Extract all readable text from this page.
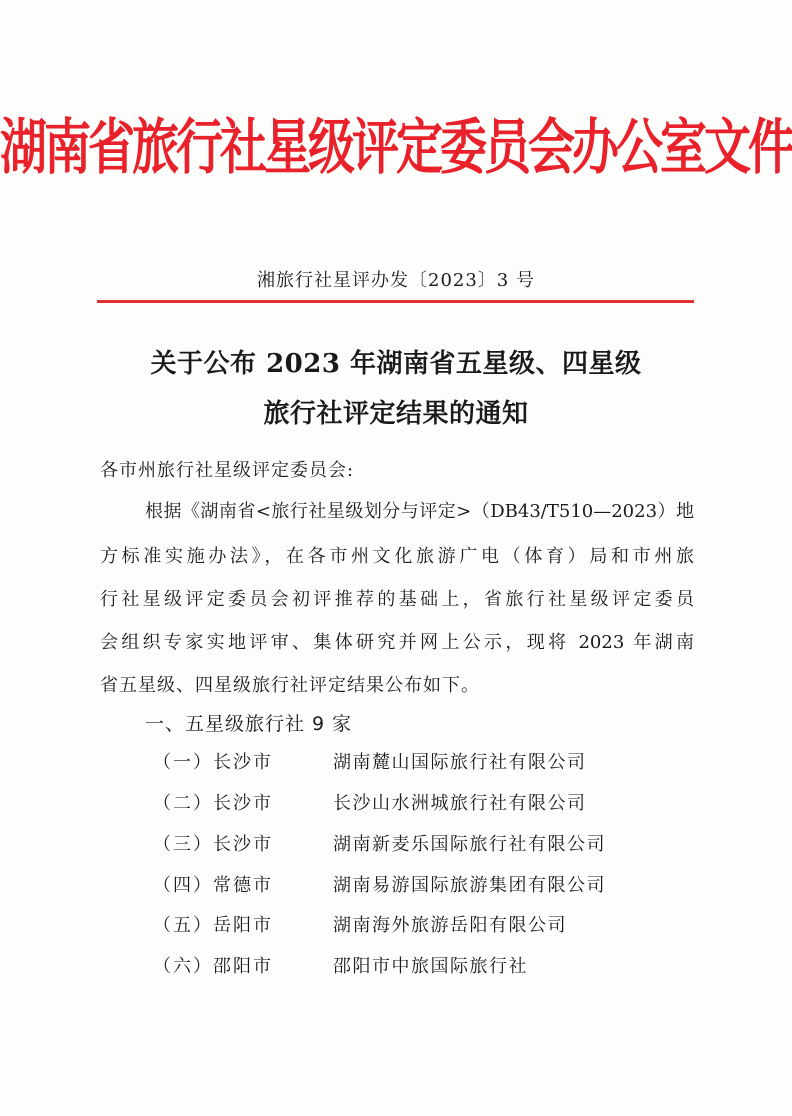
湖南省旅行社星级评定委员会办公室文件
湘旅行社星评办发〔2023〕3 号
关于公布 2023 年湖南省五星级、四星级
旅行社评定结果的通知
各市州旅行社星级评定委员会:
根据《湖南省<旅行社星级划分与评定>（DB43/T510—2023）地
方标准实施办法》，在各市州文化旅游广电（体育）局和市州旅
行社星级评定委员会初评推荐的基础上，省旅行社星级评定委员
会组织专家实地评审、集体研究并网上公示，现将 2023 年湖南
省五星级、四星级旅行社评定结果公布如下。
一、五星级旅行社 9 家
（一） 长沙市	湖南麓山国际旅行社有限公司
（二） 长沙市	长沙山水洲城旅行社有限公司
（三） 长沙市	湖南新麦乐国际旅行社有限公司
（四） 常德市	湖南易游国际旅游集团有限公司
（五） 岳阳市	湖南海外旅游岳阳有限公司
（六） 邵阳市	邵阳市中旅国际旅行社
